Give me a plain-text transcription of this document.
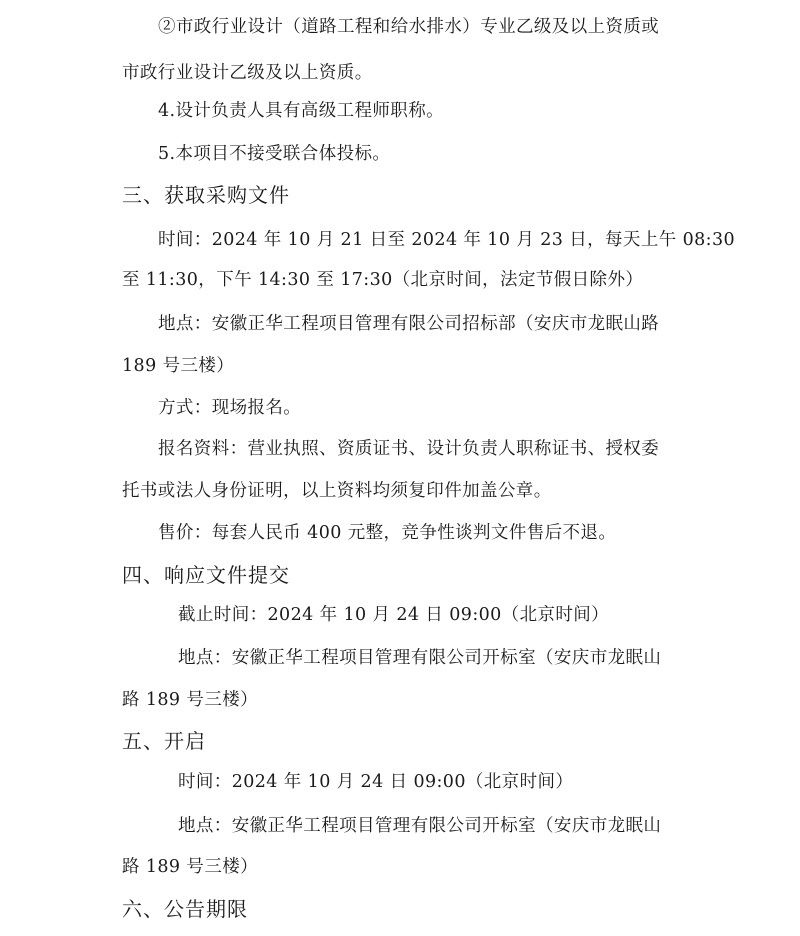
②市政行业设计（道路工程和给水排水）专业乙级及以上资质或
市政行业设计乙级及以上资质。
4.设计负责人具有高级工程师职称。
5.本项目不接受联合体投标。
三、获取采购文件
时间：2024 年 10 月 21 日至 2024 年 10 月 23 日，每天上午 08:30
至 11:30，下午 14:30 至 17:30（北京时间，法定节假日除外）
地点：安徽正华工程项目管理有限公司招标部（安庆市龙眠山路
189 号三楼）
方式：现场报名。
报名资料：营业执照、资质证书、设计负责人职称证书、授权委
托书或法人身份证明，以上资料均须复印件加盖公章。
售价：每套人民币 400 元整，竞争性谈判文件售后不退。
四、响应文件提交
截止时间：2024 年 10 月 24 日 09:00（北京时间）
地点：安徽正华工程项目管理有限公司开标室（安庆市龙眠山
路 189 号三楼）
五、开启
时间：2024 年 10 月 24 日 09:00（北京时间）
地点：安徽正华工程项目管理有限公司开标室（安庆市龙眠山
路 189 号三楼）
六、公告期限
